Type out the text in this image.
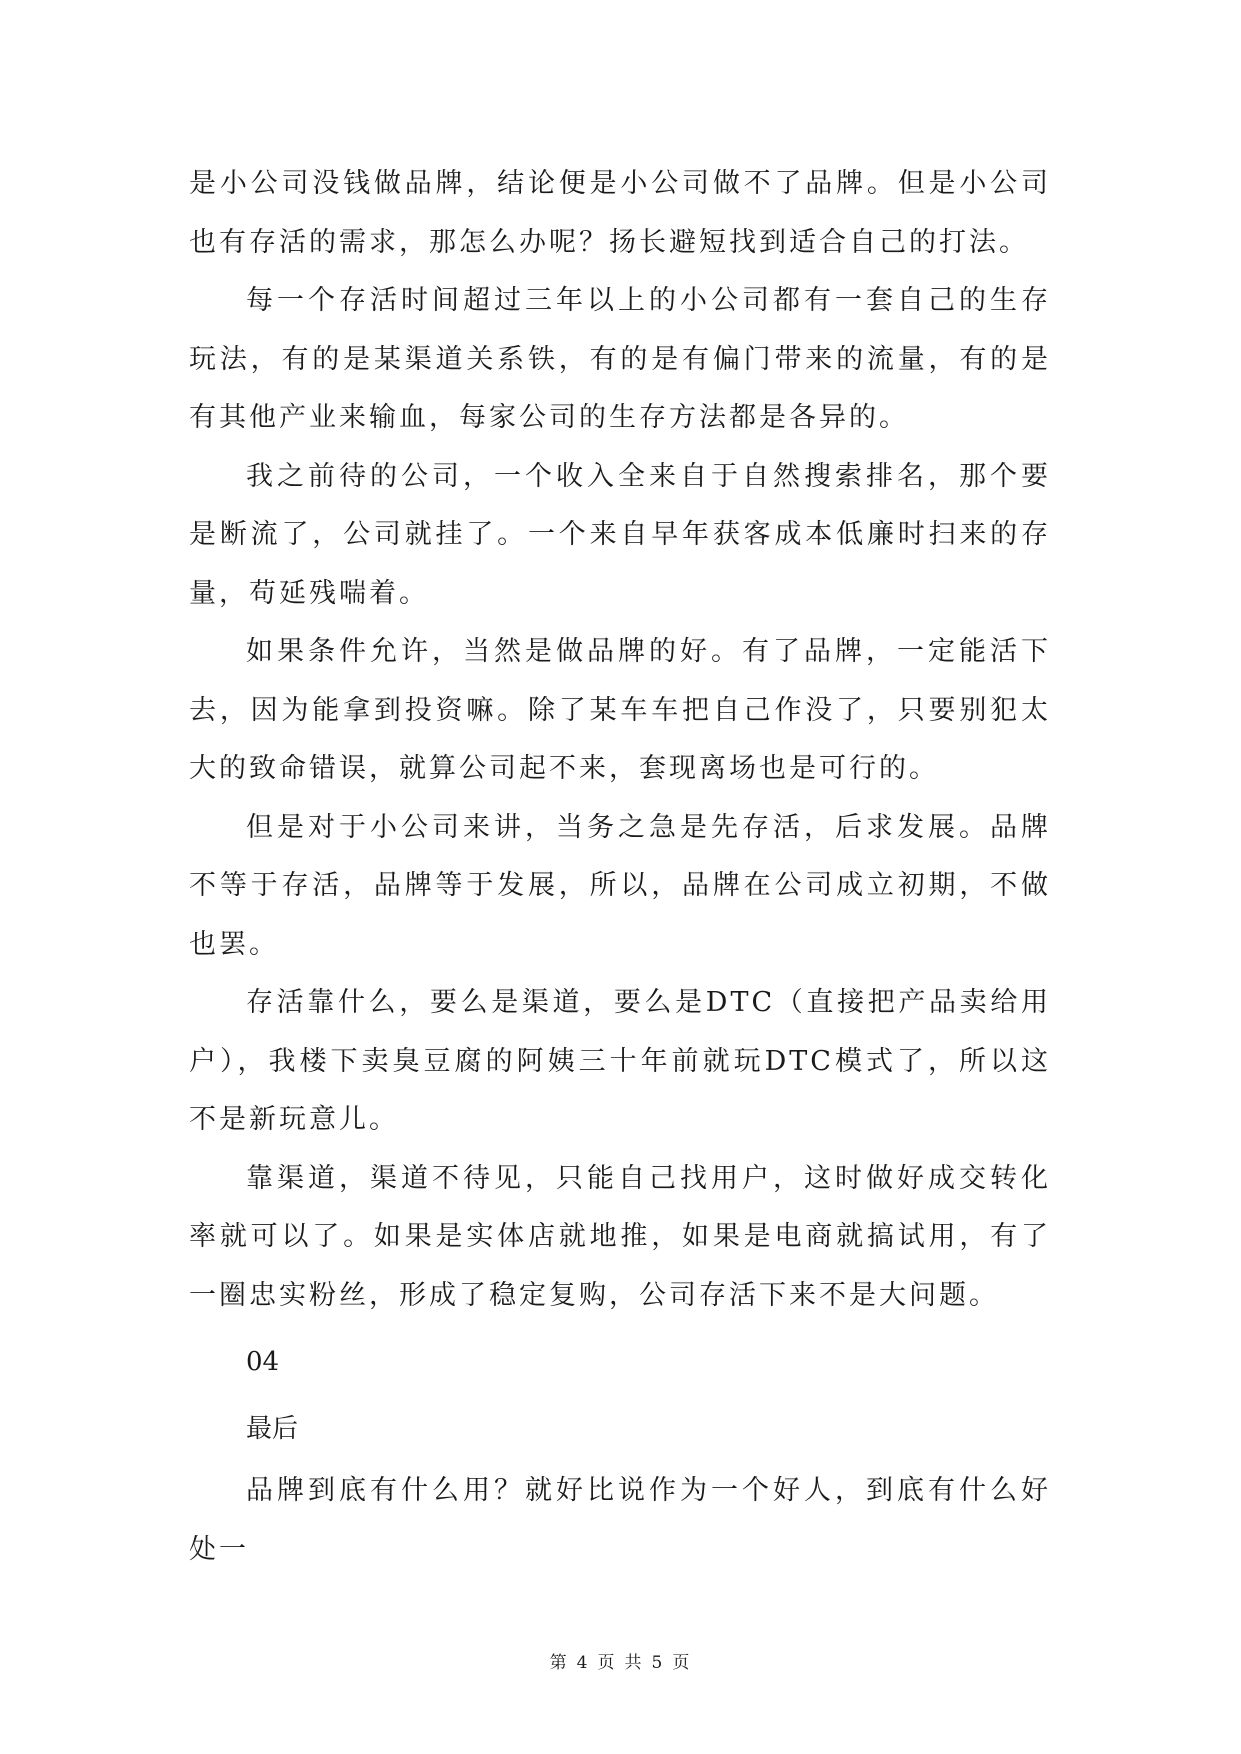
是小公司没钱做品牌，结论便是小公司做不了品牌。但是小公司也有存活的需求，那怎么办呢？扬长避短找到适合自己的打法。

每一个存活时间超过三年以上的小公司都有一套自己的生存玩法，有的是某渠道关系铁，有的是有偏门带来的流量，有的是有其他产业来输血，每家公司的生存方法都是各异的。

我之前待的公司，一个收入全来自于自然搜索排名，那个要是断流了，公司就挂了。一个来自早年获客成本低廉时扫来的存量，苟延残喘着。

如果条件允许，当然是做品牌的好。有了品牌，一定能活下去，因为能拿到投资嘛。除了某车车把自己作没了，只要别犯太大的致命错误，就算公司起不来，套现离场也是可行的。

但是对于小公司来讲，当务之急是先存活，后求发展。品牌不等于存活，品牌等于发展，所以，品牌在公司成立初期，不做也罢。

存活靠什么，要么是渠道，要么是DTC（直接把产品卖给用户），我楼下卖臭豆腐的阿姨三十年前就玩DTC模式了，所以这不是新玩意儿。

靠渠道，渠道不待见，只能自己找用户，这时做好成交转化率就可以了。如果是实体店就地推，如果是电商就搞试用，有了一圈忠实粉丝，形成了稳定复购，公司存活下来不是大问题。

04

最后

品牌到底有什么用？就好比说作为一个好人，到底有什么好处一

第 4 页 共 5 页
